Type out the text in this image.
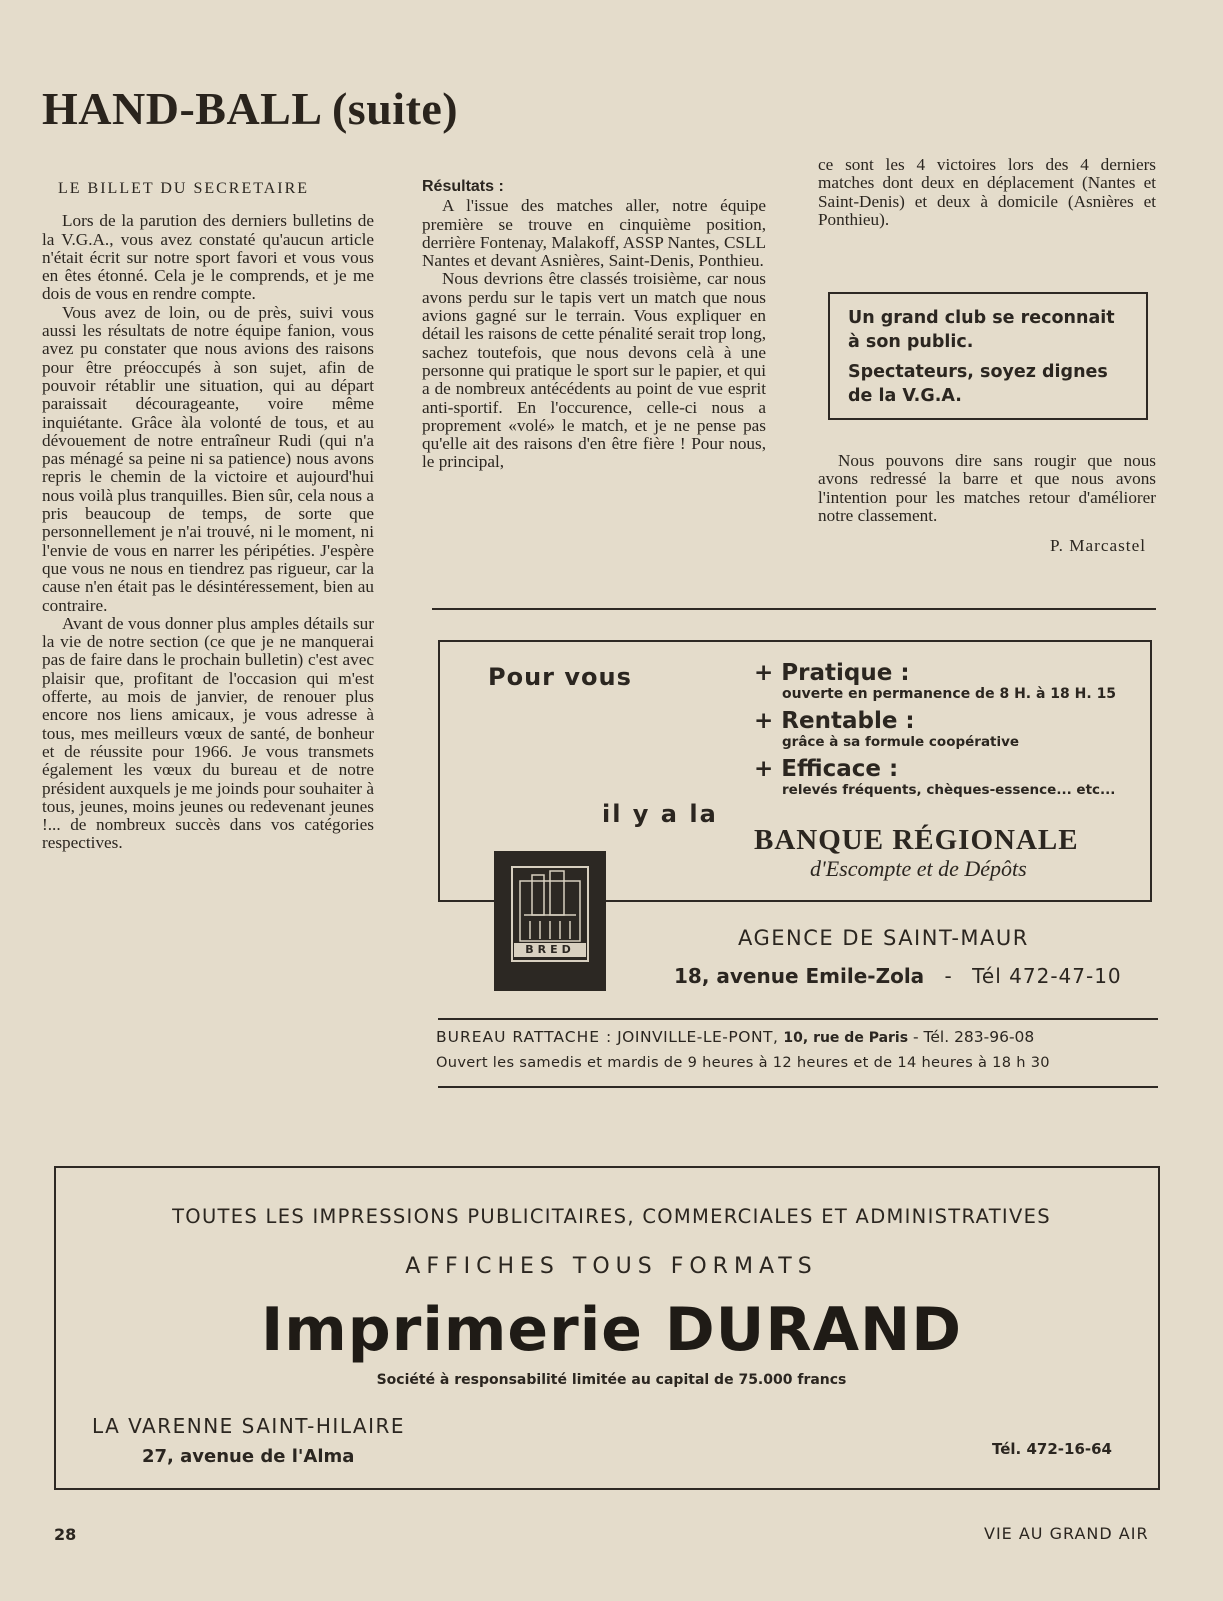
HAND-BALL (suite)

LE BILLET DU SECRETAIRE

Lors de la parution des derniers bulletins de la V.G.A., vous avez constaté qu'aucun article n'était écrit sur notre sport favori et vous vous en êtes étonné. Cela je le comprends, et je me dois de vous en rendre compte.

Vous avez de loin, ou de près, suivi vous aussi les résultats de notre équipe fanion, vous avez pu constater que nous avions des raisons pour être préoccupés à son sujet, afin de pouvoir rétablir une situation, qui au départ paraissait décourageante, voire même inquiétante. Grâce àla volonté de tous, et au dévouement de notre entraîneur Rudi (qui n'a pas ménagé sa peine ni sa patience) nous avons repris le chemin de la victoire et aujourd'hui nous voilà plus tranquilles. Bien sûr, cela nous a pris beaucoup de temps, de sorte que personnellement je n'ai trouvé, ni le moment, ni l'envie de vous en narrer les péripéties. J'espère que vous ne nous en tiendrez pas rigueur, car la cause n'en était pas le désintéressement, bien au contraire.

Avant de vous donner plus amples détails sur la vie de notre section (ce que je ne manquerai pas de faire dans le prochain bulletin) c'est avec plaisir que, profitant de l'occasion qui m'est offerte, au mois de janvier, de renouer plus encore nos liens amicaux, je vous adresse à tous, mes meilleurs vœux de santé, de bonheur et de réussite pour 1966. Je vous transmets également les vœux du bureau et de notre président auxquels je me joinds pour souhaiter à tous, jeunes, moins jeunes ou redevenant jeunes !... de nombreux succès dans vos catégories respectives.

Résultats :

A l'issue des matches aller, notre équipe première se trouve en cinquième position, derrière Fontenay, Malakoff, ASSP Nantes, CSLL Nantes et devant Asnières, Saint-Denis, Ponthieu.

Nous devrions être classés troisième, car nous avons perdu sur le tapis vert un match que nous avions gagné sur le terrain. Vous expliquer en détail les raisons de cette pénalité serait trop long, sachez toutefois, que nous devons celà à une personne qui pratique le sport sur le papier, et qui a de nombreux antécédents au point de vue esprit anti-sportif. En l'occurence, celle-ci nous a proprement «volé» le match, et je ne pense pas qu'elle ait des raisons d'en être fière ! Pour nous, le principal,

ce sont les 4 victoires lors des 4 derniers matches dont deux en déplacement (Nantes et Saint-Denis) et deux à domicile (Asnières et Ponthieu).

Un grand club se reconnait à son public.
Spectateurs, soyez dignes de la V.G.A.

Nous pouvons dire sans rougir que nous avons redressé la barre et que nous avons l'intention pour les matches retour d'améliorer notre classement.

P. Marcastel

Pour vous	+ Pratique :
ouverte en permanence de 8 H. à 18 H. 15
+ Rentable :
grâce à sa formule coopérative
+ Efficace :
relevés fréquents, chèques-essence... etc...
il y a la
BANQUE RÉGIONALE
d'Escompte et de Dépôts
BRED	AGENCE DE SAINT-MAUR
18, avenue Emile-Zola - Tél 472-47-10
BUREAU RATTACHE : JOINVILLE-LE-PONT, 10, rue de Paris - Tél. 283-96-08
Ouvert les samedis et mardis de 9 heures à 12 heures et de 14 heures à 18 h 30
TOUTES LES IMPRESSIONS PUBLICITAIRES, COMMERCIALES ET ADMINISTRATIVES
AFFICHES TOUS FORMATS
Imprimerie DURAND
Société à responsabilité limitée au capital de 75.000 francs
LA VARENNE SAINT-HILAIRE
27, avenue de l'Alma	Tél. 472-16-64
28	VIE AU GRAND AIR
